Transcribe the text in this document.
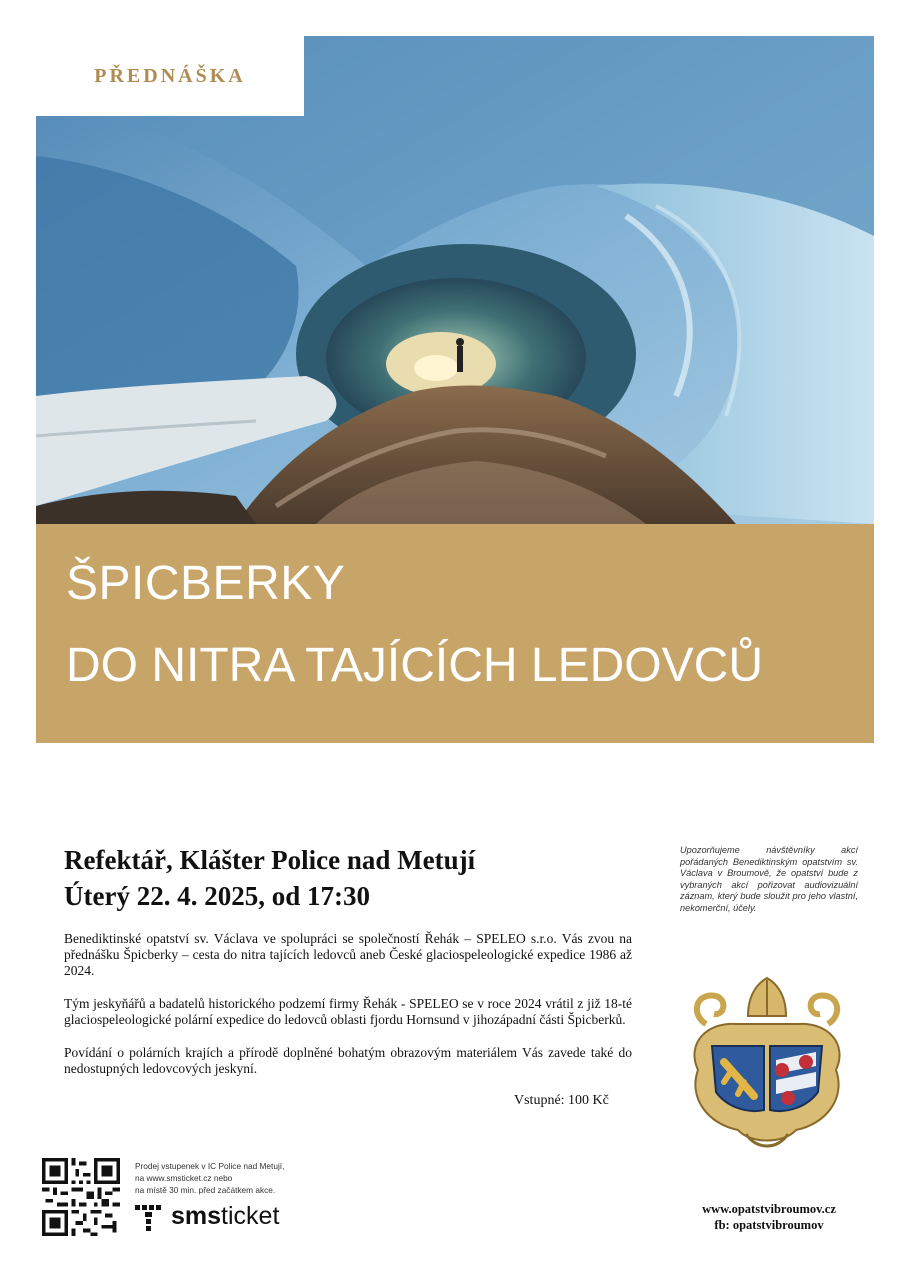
PŘEDNÁŠKA
ŠPICBERKY
DO NITRA TAJÍCÍCH LEDOVCŮ
Refektář, Klášter Police nad Metují
Úterý 22. 4. 2025, od 17:30
Upozorňujeme návštěvníky akcí pořádaných Benediktinským opatstvím sv. Václava v Broumově, že opatství bude z vybraných akcí pořizovat audiovizuální záznam, který bude sloužit pro jeho vlastní, nekomerční, účely.

Benediktinské opatství sv. Václava ve spolupráci se společností Řehák – SPELEO s.r.o. Vás zvou na přednášku Špicberky – cesta do nitra tajících ledovců aneb České glaciospeleologické expedice 1986 až 2024.

Tým jeskyňářů a badatelů historického podzemí firmy Řehák - SPELEO se v roce 2024 vrátil z již 18-té glaciospeleologické polární expedice do ledovců oblasti fjordu Hornsund v jihozápadní části Špicberků.

Povídání o polárních krajích a přírodě doplněné bohatým obrazovým materiálem Vás zavede také do nedostupných ledovcových jeskyní.

Vstupné: 100 Kč
Prodej vstupenek v IC Police nad Metují,
na www.smsticket.cz nebo
na místě 30 min. před začátkem akce.
smsticket	www.opatstvibroumov.cz
fb: opatstvibroumov
